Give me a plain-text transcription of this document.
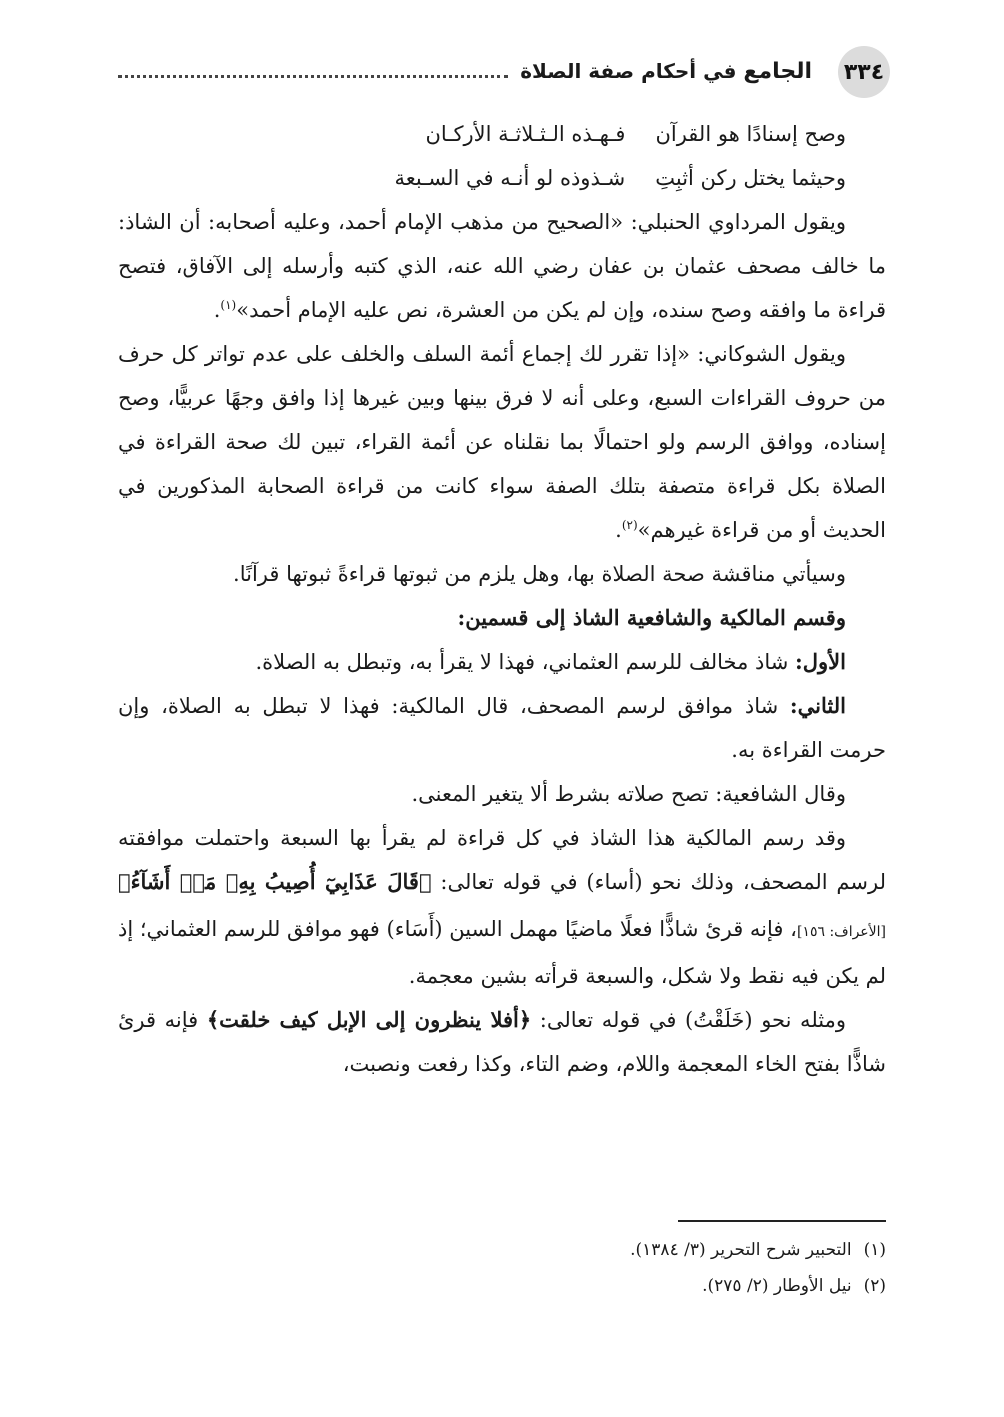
٣٣٤
الجامع في أحكام صفة الصلاة
وصح إسنادًا هو القرآن
فـهـذه الـثـلاثـة الأركـان
وحيثما يختل ركن أثبِتِ
شـذوذه لو أنـه في السـبعة

ويقول المرداوي الحنبلي: «الصحيح من مذهب الإمام أحمد، وعليه أصحابه: أن الشاذ: ما خالف مصحف عثمان بن عفان رضي الله عنه، الذي كتبه وأرسله إلى الآفاق، فتصح قراءة ما وافقه وصح سنده، وإن لم يكن من العشرة، نص عليه الإمام أحمد»$^{(١)}$.

ويقول الشوكاني: «إذا تقرر لك إجماع أئمة السلف والخلف على عدم تواتر كل حرف من حروف القراءات السبع، وعلى أنه لا فرق بينها وبين غيرها إذا وافق وجهًا عربيًّا، وصح إسناده، ووافق الرسم ولو احتمالًا بما نقلناه عن أئمة القراء، تبين لك صحة القراءة في الصلاة بكل قراءة متصفة بتلك الصفة سواء كانت من قراءة الصحابة المذكورين في الحديث أو من قراءة غيرهم»$^{(٢)}$.

وسيأتي مناقشة صحة الصلاة بها، وهل يلزم من ثبوتها قراءةً ثبوتها قرآنًا.

وقسم المالكية والشافعية الشاذ إلى قسمين:

الأول: شاذ مخالف للرسم العثماني، فهذا لا يقرأ به، وتبطل به الصلاة.

الثاني: شاذ موافق لرسم المصحف، قال المالكية: فهذا لا تبطل به الصلاة، وإن حرمت القراءة به.

وقال الشافعية: تصح صلاته بشرط ألا يتغير المعنى.

وقد رسم المالكية هذا الشاذ في كل قراءة لم يقرأ بها السبعة واحتملت موافقته لرسم المصحف، وذلك نحو (أساء) في قوله تعالى: ﴿قَالَ عَذَابِيٓ أُصِيبُ بِهِۦ مَنۡ أَشَآءُ﴾ [الأعراف: ١٥٦]، فإنه قرئ شاذًّا فعلًا ماضيًا مهمل السين (أَسَاء) فهو موافق للرسم العثماني؛ إذ لم يكن فيه نقط ولا شكل، والسبعة قرأته بشين معجمة.

ومثله نحو (خَلَقْتُ) في قوله تعالى: ﴿أفلا ينظرون إلى الإبل كيف خلقت﴾ فإنه قرئ شاذًّا بفتح الخاء المعجمة واللام، وضم التاء، وكذا رفعت ونصبت،

(١)
التحبير شرح التحرير (٣/ ١٣٨٤).
(٢)
نيل الأوطار (٢/ ٢٧٥).
